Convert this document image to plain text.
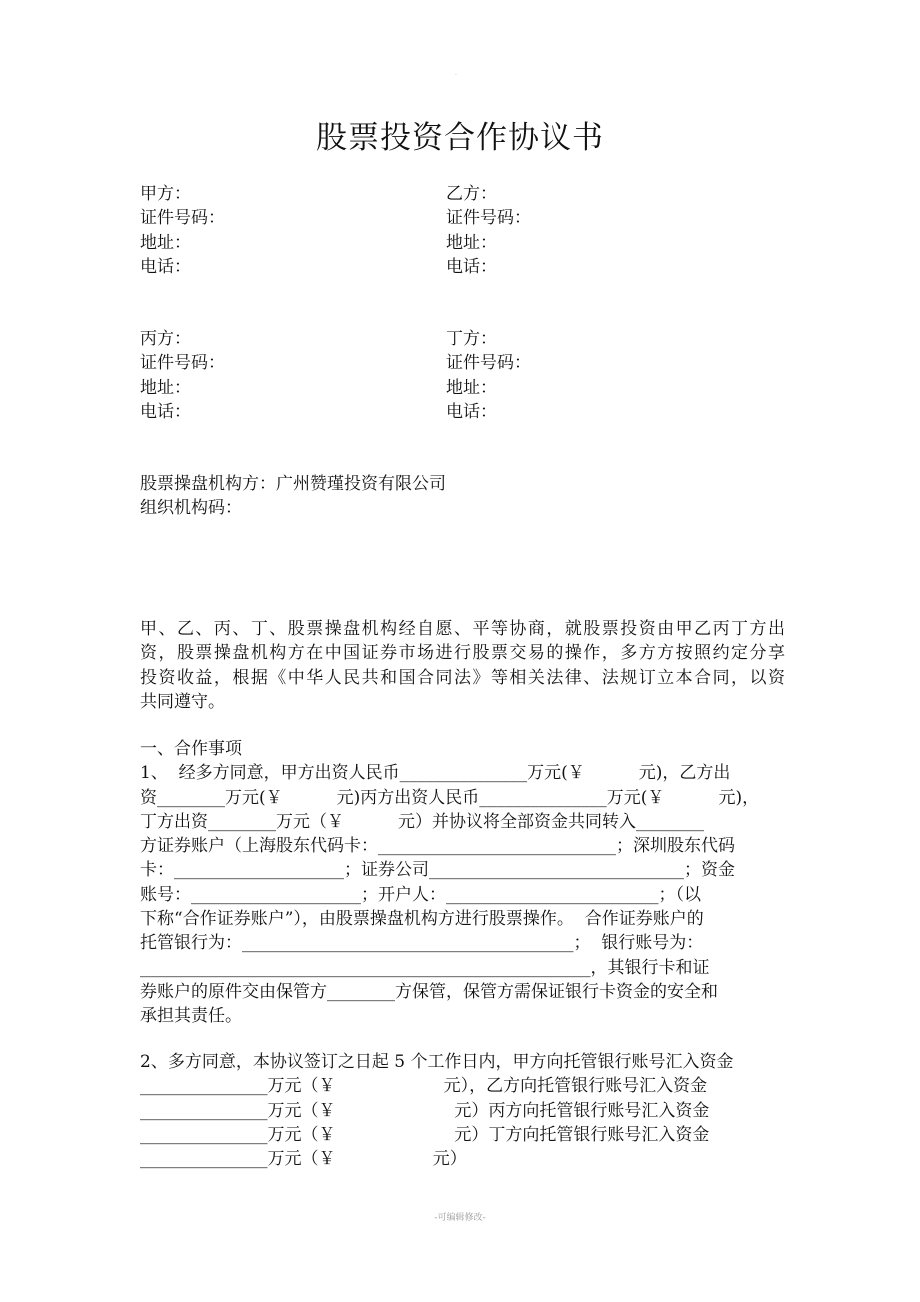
.
股票投资合作协议书
甲方：
证件号码：
地址：
电话：
乙方：
证件号码：
地址：
电话：
丙方：
证件号码：
地址：
电话：
丁方：
证件号码：
地址：
电话：
股票操盘机构方：广州赞瑾投资有限公司
组织机构码：
甲、乙、丙、丁、股票操盘机构经自愿、平等协商，就股票投资由甲乙丙丁方出
资，股票操盘机构方在中国证券市场进行股票交易的操作，多方方按照约定分享
投资收益，根据《中华人民共和国合同法》等相关法律、法规订立本合同，以资
共同遵守。
一、合作事项
1、  经多方同意，甲方出资人民币_______________万元(￥          元)，乙方出
资________万元(￥          元)丙方出资人民币_______________万元(￥          元)，
丁方出资________万元（￥          元）并协议将全部资金共同转入________
方证券账户（上海股东代码卡：____________________________；深圳股东代码
卡：____________________；证券公司______________________________；资金
账号：____________________；开户人：_________________________；（以
下称“合作证券账户”），由股票操盘机构方进行股票操作。  合作证券账户的
托管银行为：_______________________________________；  银行账号为：
_____________________________________________________，其银行卡和证
券账户的原件交由保管方________方保管，保管方需保证银行卡资金的安全和
承担其责任。
2、多方同意，本协议签订之日起 5 个工作日内，甲方向托管银行账号汇入资金
_______________万元（￥                    元），乙方向托管银行账号汇入资金
_______________万元（￥                      元）丙方向托管银行账号汇入资金
_______________万元（￥                      元）丁方向托管银行账号汇入资金
_______________万元（￥                  元）
-可编辑修改-
